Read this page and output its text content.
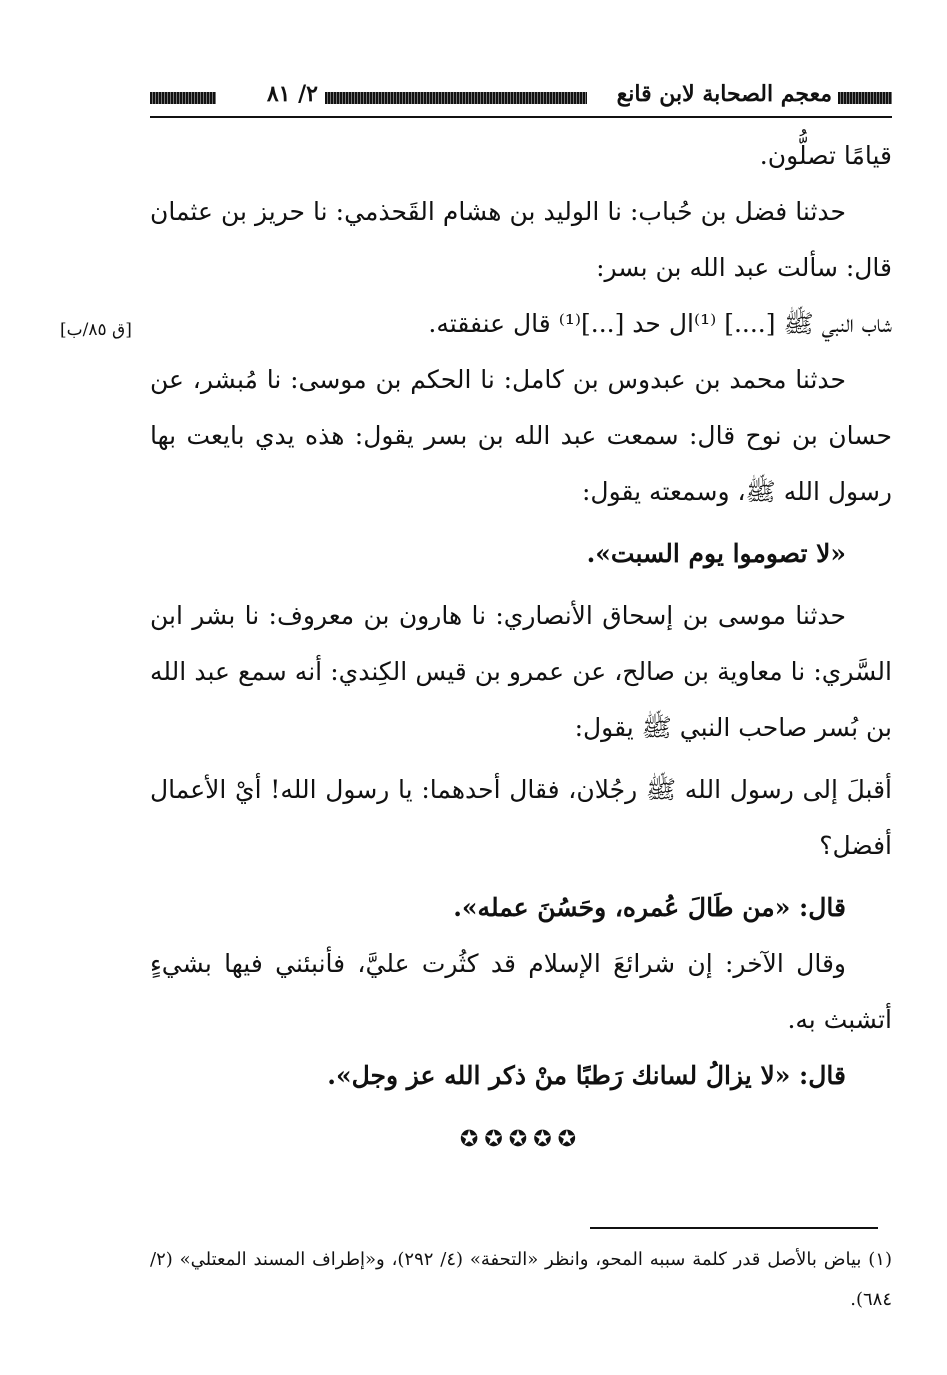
معجم الصحابة لابن قانع
٢/ ٨١
[ق ٨٥/ب]

قيامًا تصلُّون.

حدثنا فضل بن حُباب: نا الوليد بن هشام القَحذمي: نا حريز بن عثمان قال: سألت عبد الله بن بسر:

شاب النبي ﷺ [....] ⁽¹⁾ال حد [...]⁽¹⁾ قال عنفقته.

حدثنا محمد بن عبدوس بن كامل: نا الحكم بن موسى: نا مُبشر، عن حسان بن نوح قال: سمعت عبد الله بن بسر يقول: هذه يدي بايعت بها رسول الله ﷺ، وسمعته يقول:

«لا تصوموا يوم السبت».

حدثنا موسى بن إسحاق الأنصاري: نا هارون بن معروف: نا بشر ابن السَّري: نا معاوية بن صالح، عن عمرو بن قيس الكِندي: أنه سمع عبد الله بن بُسر صاحب النبي ﷺ يقول:

أقبلَ إلى رسول الله ﷺ رجُلان، فقال أحدهما: يا رسول الله! أيْ الأعمال أفضل؟

قال: «من طَالَ عُمره، وحَسُنَ عمله».

وقال الآخر: إن شرائعَ الإسلام قد كثُرت عليَّ، فأنبئني فيها بشيءٍ أتشبث به.

قال: «لا يزالُ لسانك رَطبًا منْ ذكر الله عز وجل».

✪✪✪✪✪
(١) بياض بالأصل قدر كلمة سببه المحو، وانظر «التحفة» (٤/ ٢٩٢)، و«إطراف المسند المعتلي» (٢/ ٦٨٤).
